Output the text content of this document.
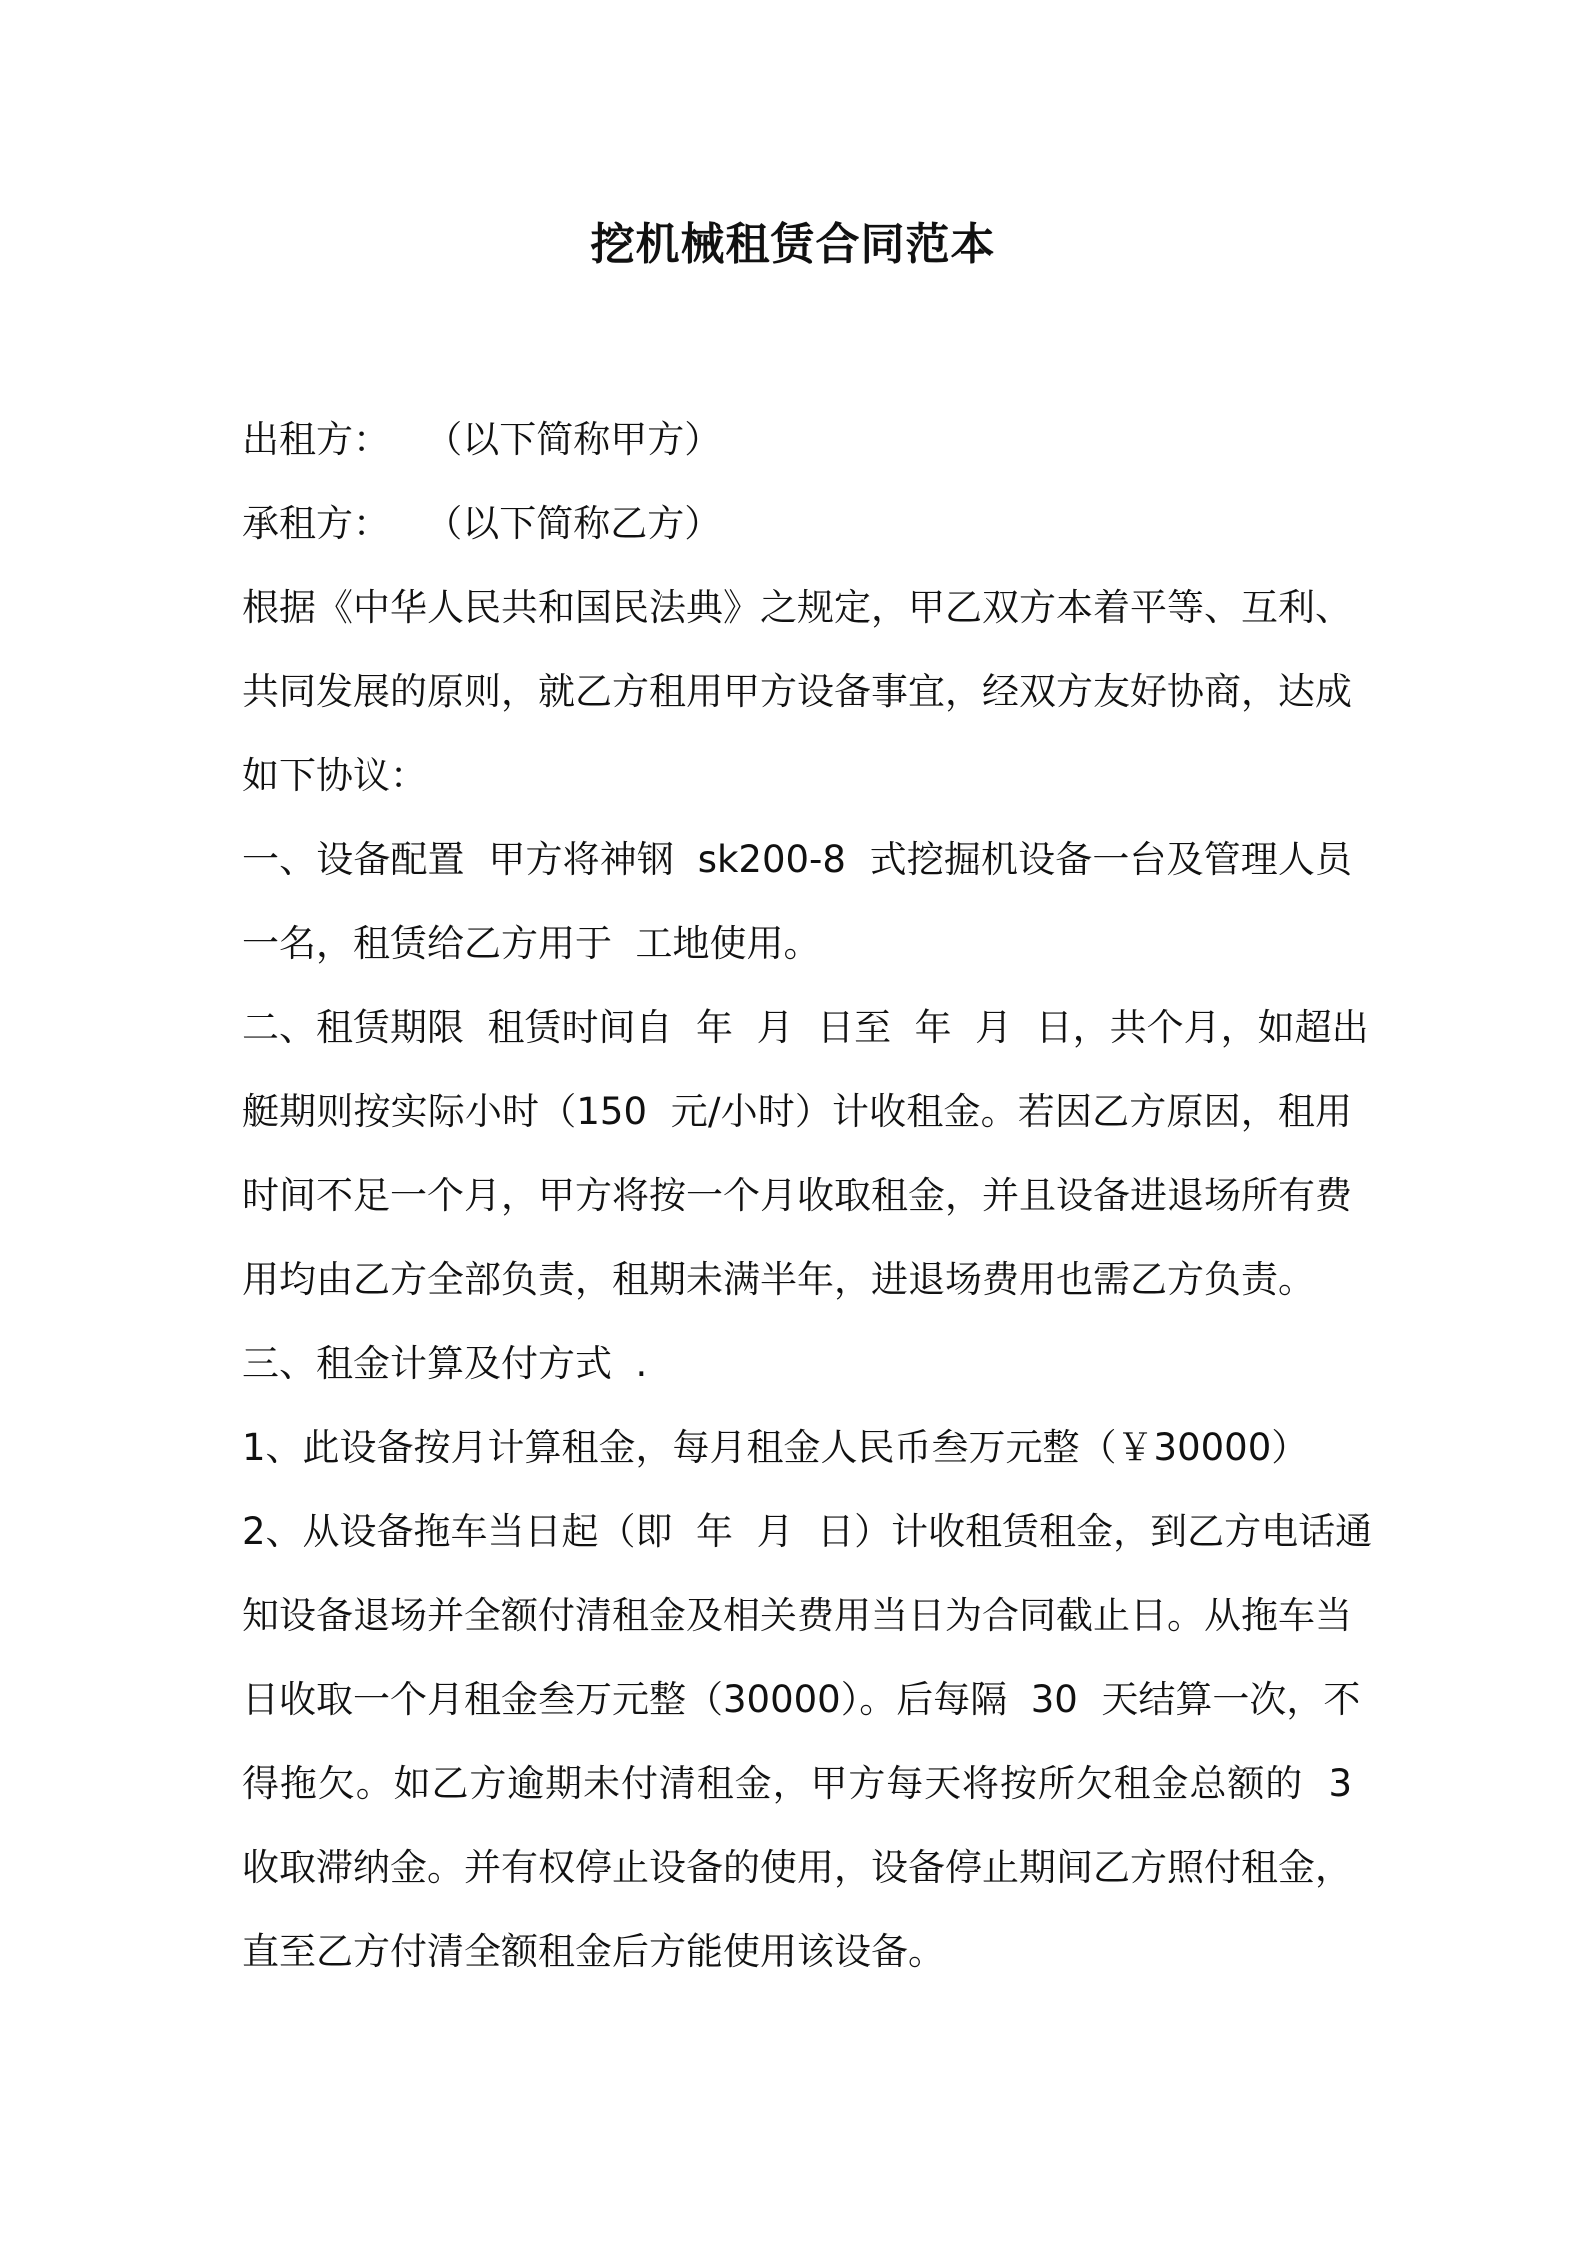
挖机械租赁合同范本
出租方：   （以下简称甲方）
承租方：   （以下简称乙方）
根据《中华人民共和国民法典》之规定，甲乙双方本着平等、互利、
共同发展的原则，就乙方租用甲方设备事宜，经双方友好协商，达成
如下协议：
一、设备配置  甲方将神钢  sk200-8  式挖掘机设备一台及管理人员
一名，租赁给乙方用于  工地使用。
二、租赁期限  租赁时间自  年  月  日至  年  月  日，共个月，如超出
艇期则按实际小时（150  元/小时）计收租金。若因乙方原因，租用
时间不足一个月，甲方将按一个月收取租金，并且设备进退场所有费
用均由乙方全部负责，租期未满半年，进退场费用也需乙方负责。
三、租金计算及付方式  .
1、此设备按月计算租金，每月租金人民币叁万元整（￥30000）
2、从设备拖车当日起（即  年  月  日）计收租赁租金，到乙方电话通
知设备退场并全额付清租金及相关费用当日为合同截止日。从拖车当
日收取一个月租金叁万元整（30000）。后每隔  30  天结算一次，不
得拖欠。如乙方逾期未付清租金，甲方每天将按所欠租金总额的  3
收取滞纳金。并有权停止设备的使用，设备停止期间乙方照付租金，
直至乙方付清全额租金后方能使用该设备。
